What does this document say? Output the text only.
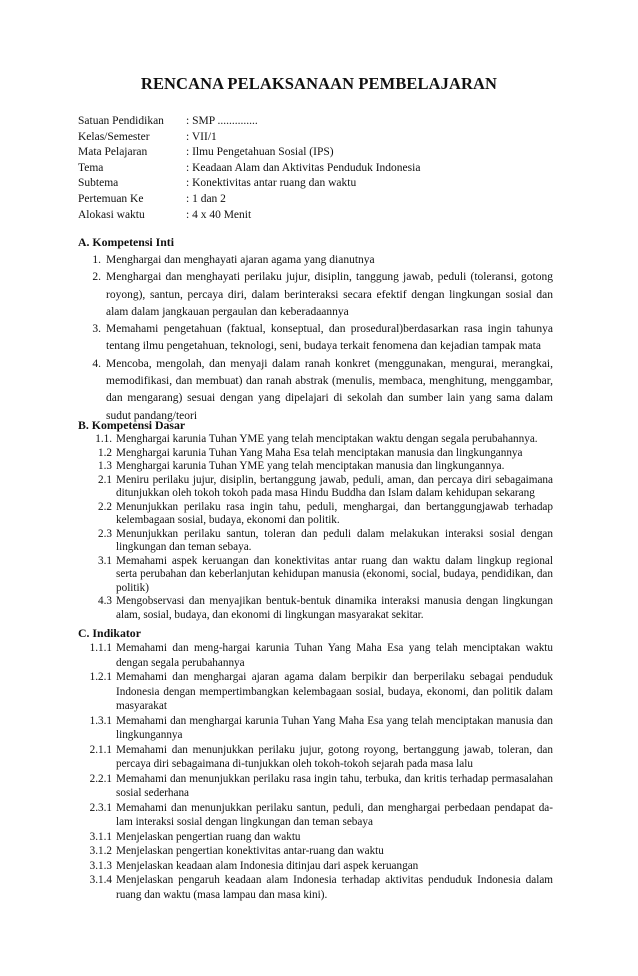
RENCANA PELAKSANAAN PEMBELAJARAN
Satuan Pendidikan	: SMP ..............
Kelas/Semester	: VII/1
Mata Pelajaran	: Ilmu Pengetahuan Sosial (IPS)
Tema	: Keadaan Alam dan Aktivitas Penduduk Indonesia
Subtema	: Konektivitas antar ruang dan waktu
Pertemuan Ke	: 1 dan 2
Alokasi waktu	: 4 x 40 Menit
A. Kompetensi Inti
1. Menghargai dan menghayati ajaran agama yang dianutnya
2. Menghargai dan menghayati perilaku jujur, disiplin, tanggung jawab, peduli (toleransi, gotong royong), santun, percaya diri, dalam berinteraksi secara efektif dengan lingkungan sosial dan alam dalam jangkauan pergaulan dan keberadaannya
3. Memahami pengetahuan (faktual, konseptual, dan prosedural)berdasarkan rasa ingin tahunya tentang ilmu pengetahuan, teknologi, seni, budaya terkait fenomena dan kejadian tampak mata
4. Mencoba, mengolah, dan menyaji dalam ranah konkret (menggunakan, mengurai, merangkai, memodifikasi, dan membuat) dan ranah abstrak (menulis, membaca, menghitung, menggambar, dan mengarang) sesuai dengan yang dipelajari di sekolah dan sumber lain yang sama dalam sudut pandang/teori
B. Kompetensi Dasar
1.1. Menghargai karunia Tuhan YME yang telah menciptakan waktu dengan segala perubahannya.
1.2 Menghargai karunia Tuhan Yang Maha Esa telah menciptakan manusia dan lingkungannya
1.3 Menghargai karunia Tuhan YME yang telah menciptakan manusia dan lingkungannya.
2.1 Meniru perilaku jujur, disiplin, bertanggung jawab, peduli, aman, dan percaya diri sebagaimana ditunjukkan oleh tokoh tokoh pada masa Hindu Buddha dan Islam dalam kehidupan sekarang
2.2 Menunjukkan perilaku rasa ingin tahu, peduli, menghargai, dan bertanggungjawab terhadap kelembagaan sosial, budaya, ekonomi dan politik.
2.3 Menunjukkan perilaku santun, toleran dan peduli dalam melakukan interaksi sosial dengan lingkungan dan teman sebaya.
3.1 Memahami aspek keruangan dan konektivitas antar ruang dan waktu dalam lingkup regional serta perubahan dan keberlanjutan kehidupan manusia (ekonomi, social, budaya, pendidikan, dan politik)
4.3 Mengobservasi dan menyajikan bentuk-bentuk dinamika interaksi manusia dengan lingkungan alam, sosial, budaya, dan ekonomi di lingkungan masyarakat sekitar.
C. Indikator
1.1.1 Memahami dan meng-hargai karunia Tuhan Yang Maha Esa yang telah menciptakan waktu dengan segala perubahannya
1.2.1 Memahami dan menghargai ajaran agama dalam berpikir dan berperilaku sebagai penduduk Indonesia dengan mempertimbangkan kelembagaan sosial, budaya, ekonomi, dan politik dalam masyarakat
1.3.1 Memahami dan menghargai karunia Tuhan Yang Maha Esa yang telah menciptakan manusia dan lingkungannya
2.1.1 Memahami dan menunjukkan perilaku jujur, gotong royong, bertanggung jawab, toleran, dan percaya diri sebagaimana di-tunjukkan oleh tokoh-tokoh sejarah pada masa lalu
2.2.1 Memahami dan menunjukkan perilaku rasa ingin tahu, terbuka, dan kritis terhadap permasalahan sosial sederhana
2.3.1 Memahami dan menunjukkan perilaku santun, peduli, dan menghargai perbedaan pendapat da-lam interaksi sosial dengan lingkungan dan teman sebaya
3.1.1 Menjelaskan pengertian ruang dan waktu
3.1.2 Menjelaskan pengertian konektivitas antar-ruang dan waktu
3.1.3 Menjelaskan keadaan alam Indonesia ditinjau dari aspek keruangan
3.1.4 Menjelaskan pengaruh keadaan alam Indonesia terhadap aktivitas penduduk Indonesia dalam ruang dan waktu (masa lampau dan masa kini).
